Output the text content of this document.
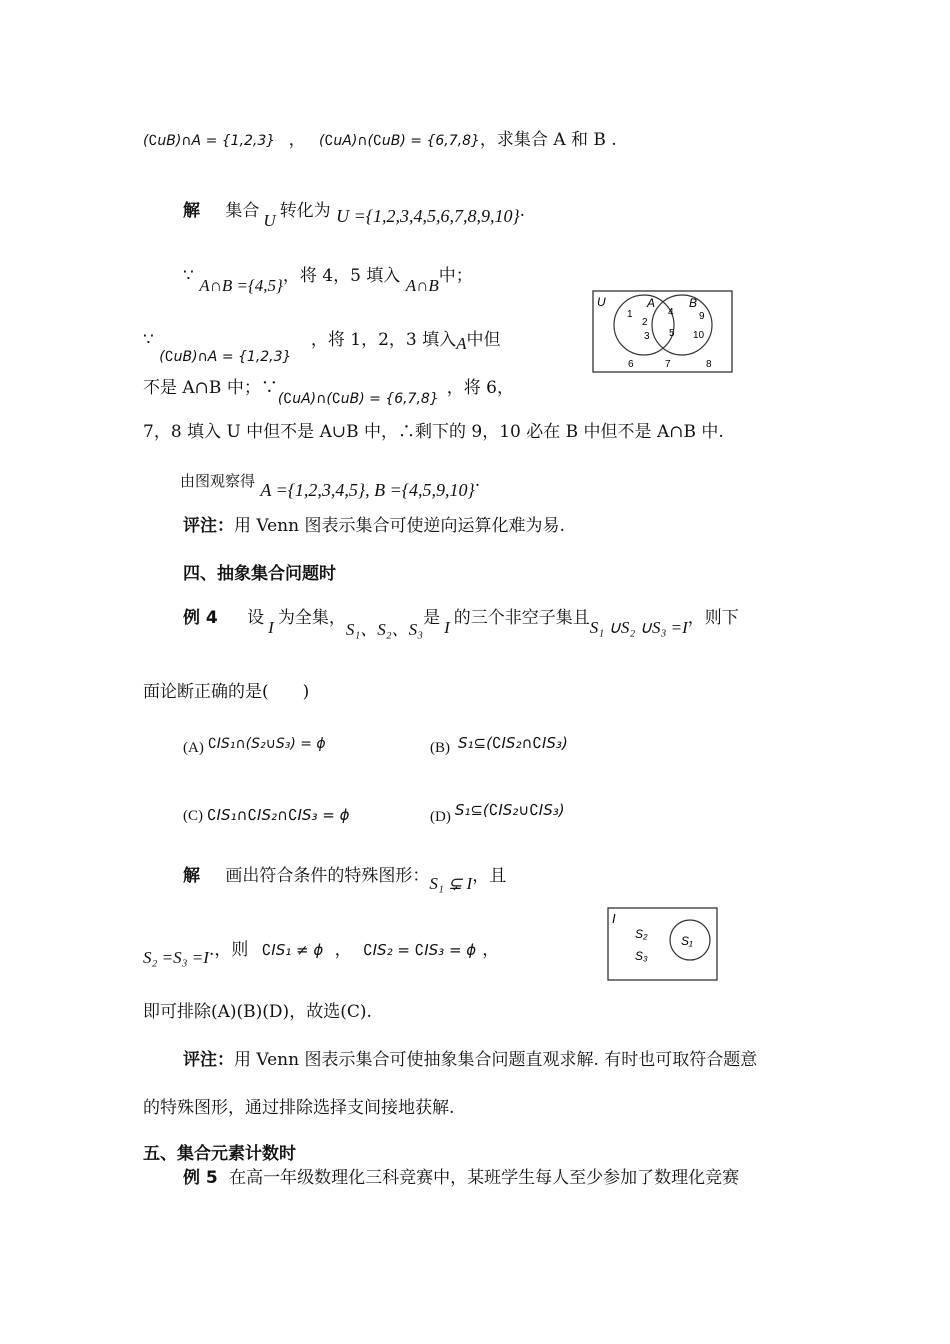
(∁uB)∩A = {1,2,3} ， (∁uA)∩(∁uB) = {6,7,8}，求集合 A 和 B .
解 集合 U 转化为 U ={1,2,3,4,5,6,7,8,9,10}.
∵ A∩B ={4,5}，将 4，5 填入 A∩B中；
∵ $_{(∁uB)\cap A = \{1,2,3\}}$ ，将 1，2，3 填入A中但
不是 A∩B 中；$\because_{(∁uA)\cap(∁uB) = \{6,7,8\}}$，将 6，
7，8 填入 U 中但不是 A∪B 中，∴剩下的 9，10 必在 B 中但不是 A∩B 中.
U	A	B
1
2
3
4
5
9
10
6	7	8
由图观察得 A ={1,2,3,4,5}, B ={4,5,9,10}.
评注：用 Venn 图表示集合可使逆向运算化难为易.
四、抽象集合问题时
例 4 设 I 为全集，S₁、S₂、S₃是 I 的三个非空子集且S₁ ∪S₂ ∪S₃ =I，则下
面论断正确的是(　　)
(A) ∁IS₁∩(S₂∪S₃) = ϕ	(B) S₁⊆(∁IS₂∩∁IS₃)
(C) ∁IS₁∩∁IS₂∩∁IS₃ = ϕ	(D) S₁⊆(∁IS₂∪∁IS₃)
解 画出符合条件的特殊图形：S₁ ⊊ I，且
S₂ =S₃ =I.，则 ∁IS₁ ≠ ϕ ， ∁IS₂ = ∁IS₃ = ϕ ，
I
S₂
S₃
S₁
即可排除(A)(B)(D)，故选(C).
评注：用 Venn 图表示集合可使抽象集合问题直观求解. 有时也可取符合题意
的特殊图形，通过排除选择支间接地获解.
五、集合元素计数时
例 5 在高一年级数理化三科竞赛中，某班学生每人至少参加了数理化竞赛
